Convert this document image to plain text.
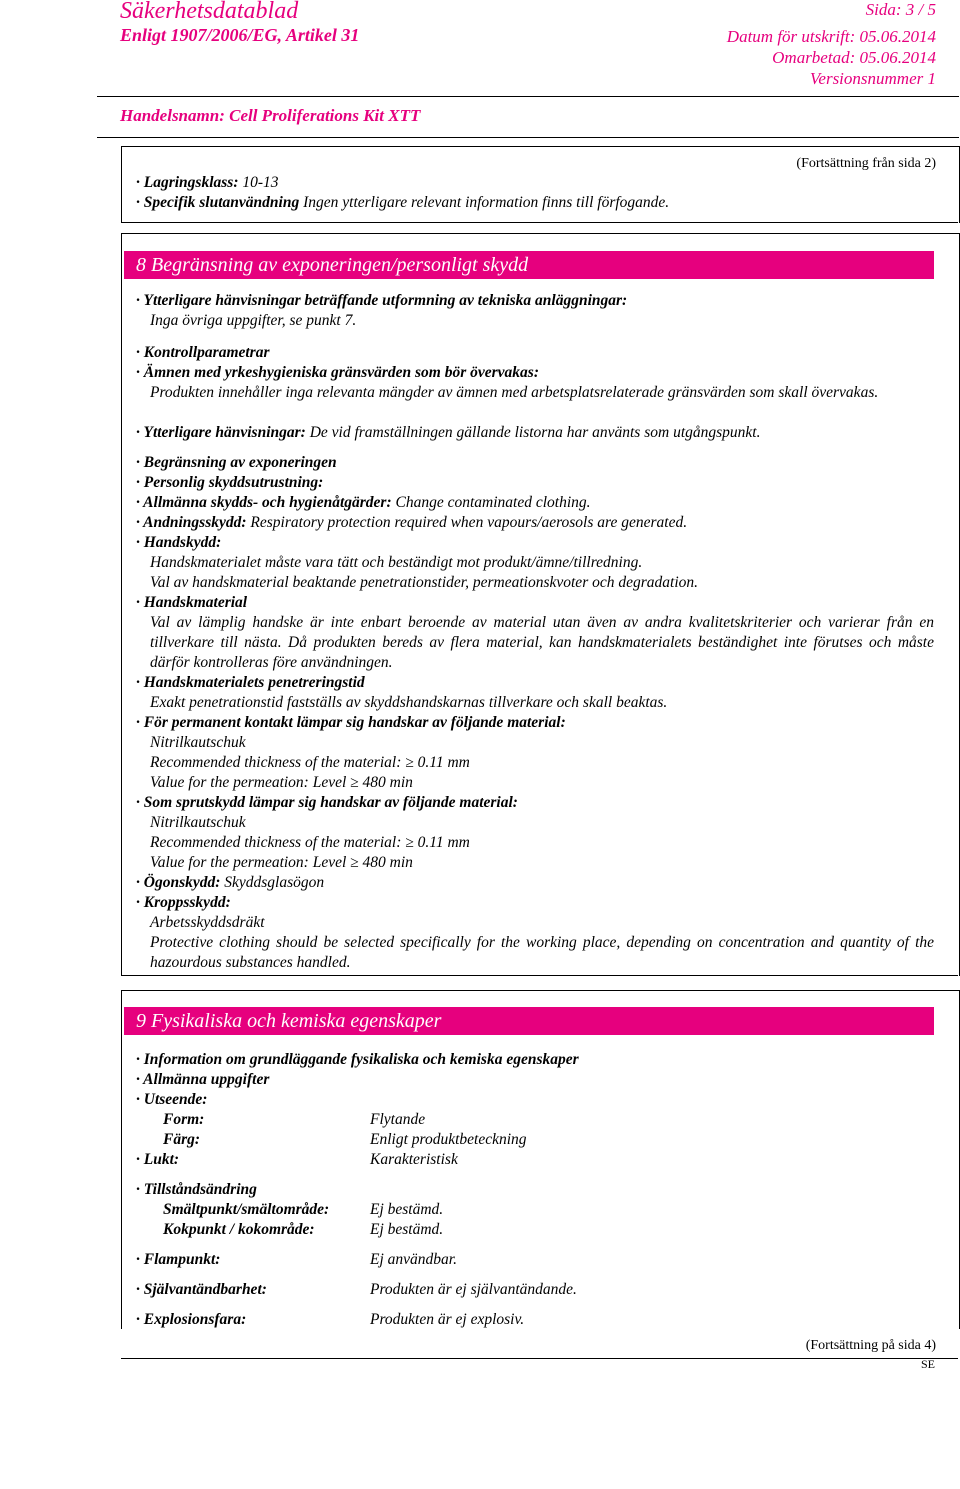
Säkerhetsdatablad
Enligt 1907/2006/EG, Artikel 31
Sida: 3 / 5
Datum för utskrift: 05.06.2014
Omarbetad: 05.06.2014
Versionsnummer 1
Handelsnamn: Cell Proliferations Kit XTT
(Fortsättning från sida 2)
· Lagringsklass: 10-13
· Specifik slutanvändning Ingen ytterligare relevant information finns till förfogande.
8 Begränsning av exponeringen/personligt skydd
· Ytterligare hänvisningar beträffande utformning av tekniska anläggningar:
Inga övriga uppgifter, se punkt 7.
· Kontrollparametrar
· Ämnen med yrkeshygieniska gränsvärden som bör övervakas:
Produkten innehåller inga relevanta mängder av ämnen med arbetsplatsrelaterade gränsvärden som skall övervakas.
· Ytterligare hänvisningar: De vid framställningen gällande listorna har använts som utgångspunkt.
· Begränsning av exponeringen
· Personlig skyddsutrustning:
· Allmänna skydds- och hygienåtgärder: Change contaminated clothing.
· Andningsskydd: Respiratory protection required when vapours/aerosols are generated.
· Handskydd:
Handskmaterialet måste vara tätt och beständigt mot produkt/ämne/tillredning.
Val av handskmaterial beaktande penetrationstider, permeationskvoter och degradation.
· Handskmaterial
Val av lämplig handske är inte enbart beroende av material utan även av andra kvalitetskriterier och varierar från en tillverkare till nästa. Då produkten bereds av flera material, kan handskmaterialets beständighet inte förutses och måste därför kontrolleras före användningen.
· Handskmaterialets penetreringstid
Exakt penetrationstid fastställs av skyddshandskarnas tillverkare och skall beaktas.
· För permanent kontakt lämpar sig handskar av följande material:
Nitrilkautschuk
Recommended thickness of the material: ≥ 0.11 mm
Value for the permeation: Level ≥ 480 min
· Som sprutskydd lämpar sig handskar av följande material:
Nitrilkautschuk
Recommended thickness of the material: ≥ 0.11 mm
Value for the permeation: Level ≥ 480 min
· Ögonskydd: Skyddsglasögon
· Kroppsskydd:
Arbetsskyddsdräkt
Protective clothing should be selected specifically for the working place, depending on concentration and quantity of the hazourdous substances handled.
9 Fysikaliska och kemiska egenskaper
· Information om grundläggande fysikaliska och kemiska egenskaper
· Allmänna uppgifter
· Utseende:
Form:	Flytande
Färg:	Enligt produktbeteckning
· Lukt:	Karakteristisk
· Tillståndsändring
Smältpunkt/smältområde:	Ej bestämd.
Kokpunkt / kokområde:	Ej bestämd.
· Flampunkt:	Ej användbar.
· Självantändbarhet:	Produkten är ej självantändande.
· Explosionsfara:	Produkten är ej explosiv.
(Fortsättning på sida 4)
SE
